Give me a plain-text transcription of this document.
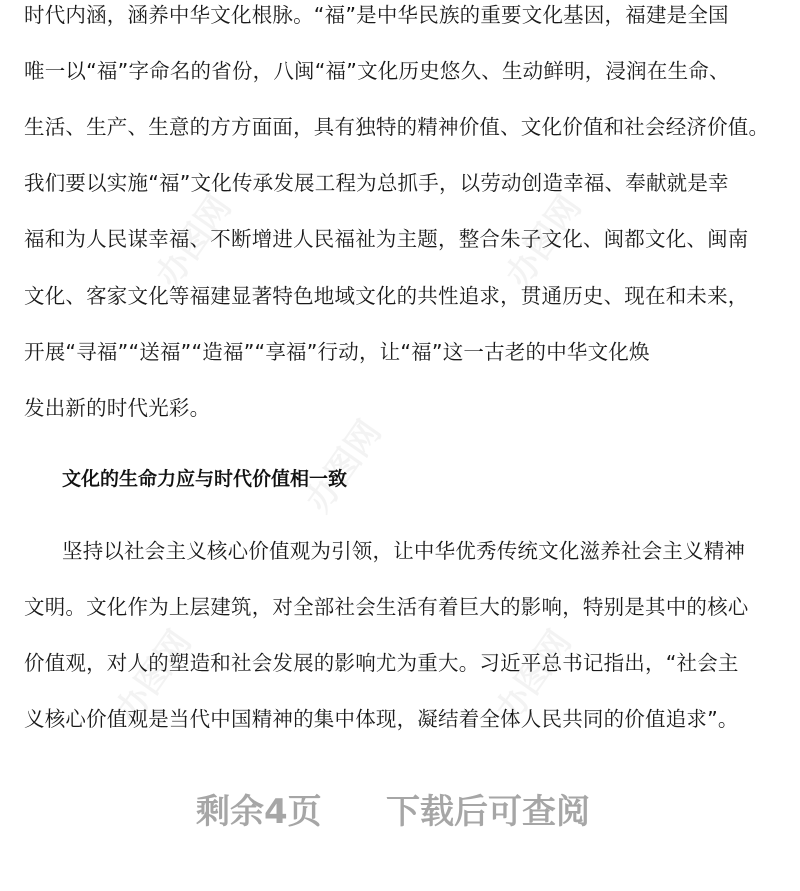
时代内涵，涵养中华文化根脉。“福”是中华民族的重要文化基因，福建是全国
唯一以“福”字命名的省份，八闽“福”文化历史悠久、生动鲜明，浸润在生命、
生活、生产、生意的方方面面，具有独特的精神价值、文化价值和社会经济价值。
我们要以实施“福”文化传承发展工程为总抓手，以劳动创造幸福、奉献就是幸
福和为人民谋幸福、不断增进人民福祉为主题，整合朱子文化、闽都文化、闽南
文化、客家文化等福建显著特色地域文化的共性追求，贯通历史、现在和未来，
开展“寻福”“送福”“造福”“享福”行动，让“福”这一古老的中华文化焕
发出新的时代光彩。
文化的生命力应与时代价值相一致
坚持以社会主义核心价值观为引领，让中华优秀传统文化滋养社会主义精神
文明。文化作为上层建筑，对全部社会生活有着巨大的影响，特别是其中的核心
价值观，对人的塑造和社会发展的影响尤为重大。习近平总书记指出，“社会主
义核心价值观是当代中国精神的集中体现，凝结着全体人民共同的价值追求”。
剩余4页 下载后可查阅
